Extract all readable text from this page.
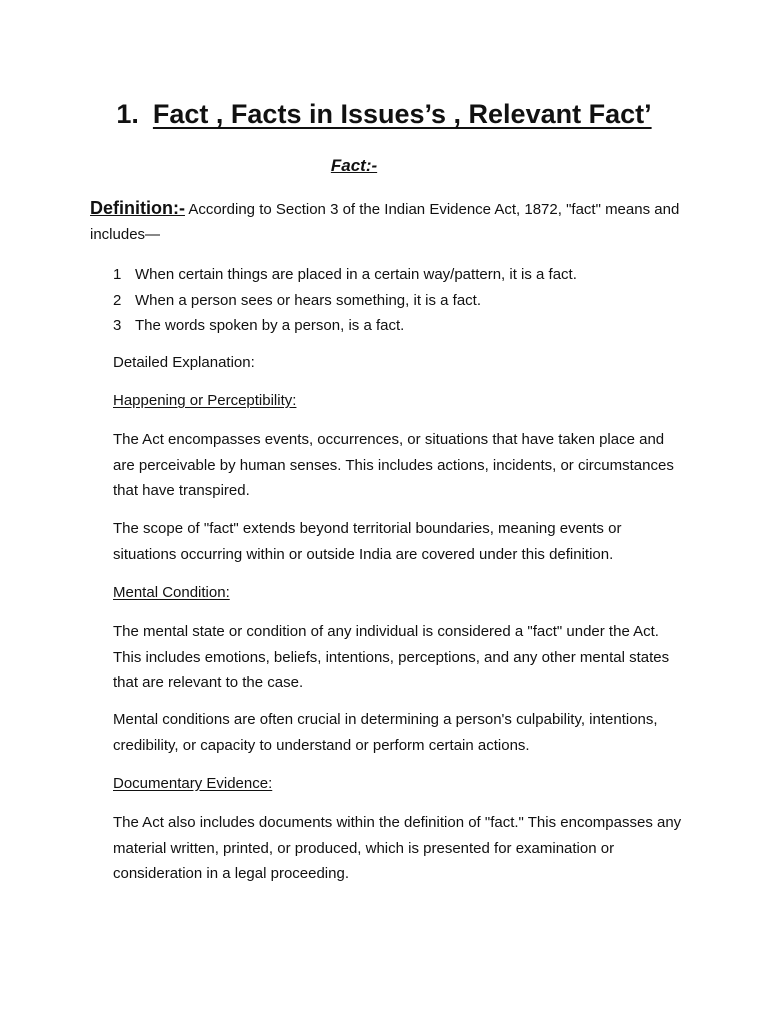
1. Fact , Facts in Issues’s , Relevant Fact’
Fact:-
Definition:- According to Section 3 of the Indian Evidence Act, 1872, "fact" means and includes—
1 When certain things are placed in a certain way/pattern, it is a fact.
2 When a person sees or hears something, it is a fact.
3 The words spoken by a person, is a fact.

Detailed Explanation:

Happening or Perceptibility:

The Act encompasses events, occurrences, or situations that have taken place and are perceivable by human senses. This includes actions, incidents, or circumstances that have transpired.

The scope of "fact" extends beyond territorial boundaries, meaning events or situations occurring within or outside India are covered under this definition.

Mental Condition:

The mental state or condition of any individual is considered a "fact" under the Act. This includes emotions, beliefs, intentions, perceptions, and any other mental states that are relevant to the case.

Mental conditions are often crucial in determining a person's culpability, intentions, credibility, or capacity to understand or perform certain actions.

Documentary Evidence:

The Act also includes documents within the definition of "fact." This encompasses any material written, printed, or produced, which is presented for examination or consideration in a legal proceeding.
